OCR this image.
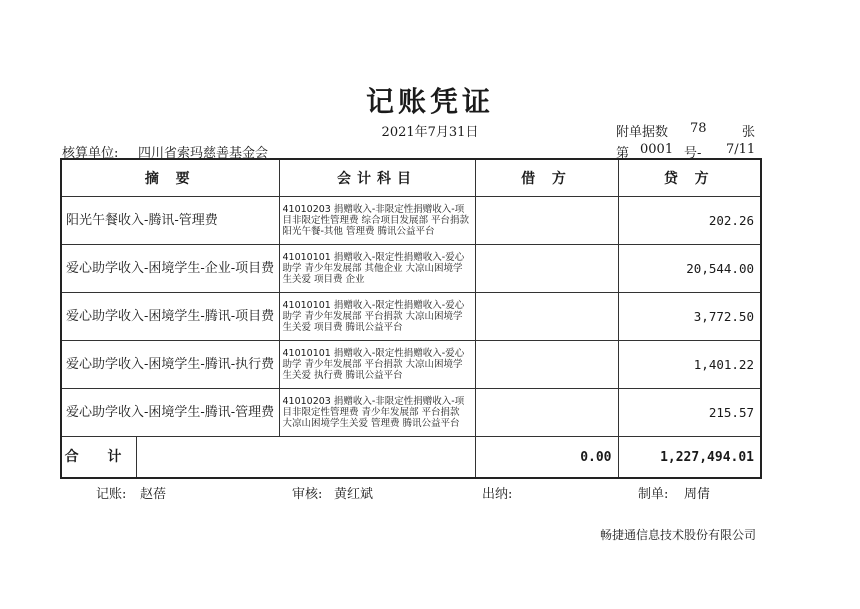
记账凭证
2021年7月31日	附单据数 78	张
核算单位: 四川省索玛慈善基金会	第 0001 号- 7/11
摘 要	会计科目	借 方	贷 方
阳光午餐收入-腾讯-管理费	41010203 捐赠收入-非限定性捐赠收入-项目非限定性管理费 综合项目发展部 平台捐款 阳光午餐-其他 管理费 腾讯公益平台		202.26
爱心助学收入-困境学生-企业-项目费	41010101 捐赠收入-限定性捐赠收入-爱心助学 青少年发展部 其他企业 大凉山困境学生关爱 项目费 企业		20,544.00
爱心助学收入-困境学生-腾讯-项目费	41010101 捐赠收入-限定性捐赠收入-爱心助学 青少年发展部 平台捐款 大凉山困境学生关爱 项目费 腾讯公益平台		3,772.50
爱心助学收入-困境学生-腾讯-执行费	41010101 捐赠收入-限定性捐赠收入-爱心助学 青少年发展部 平台捐款 大凉山困境学生关爱 执行费 腾讯公益平台		1,401.22
爱心助学收入-困境学生-腾讯-管理费	41010203 捐赠收入-非限定性捐赠收入-项目非限定性管理费 青少年发展部 平台捐款 大凉山困境学生关爱 管理费 腾讯公益平台		215.57

合 计		0.00	1,227,494.01
记账: 赵蓓	审核: 黄红斌	出纳:	制单: 周倩
畅捷通信息技术股份有限公司
